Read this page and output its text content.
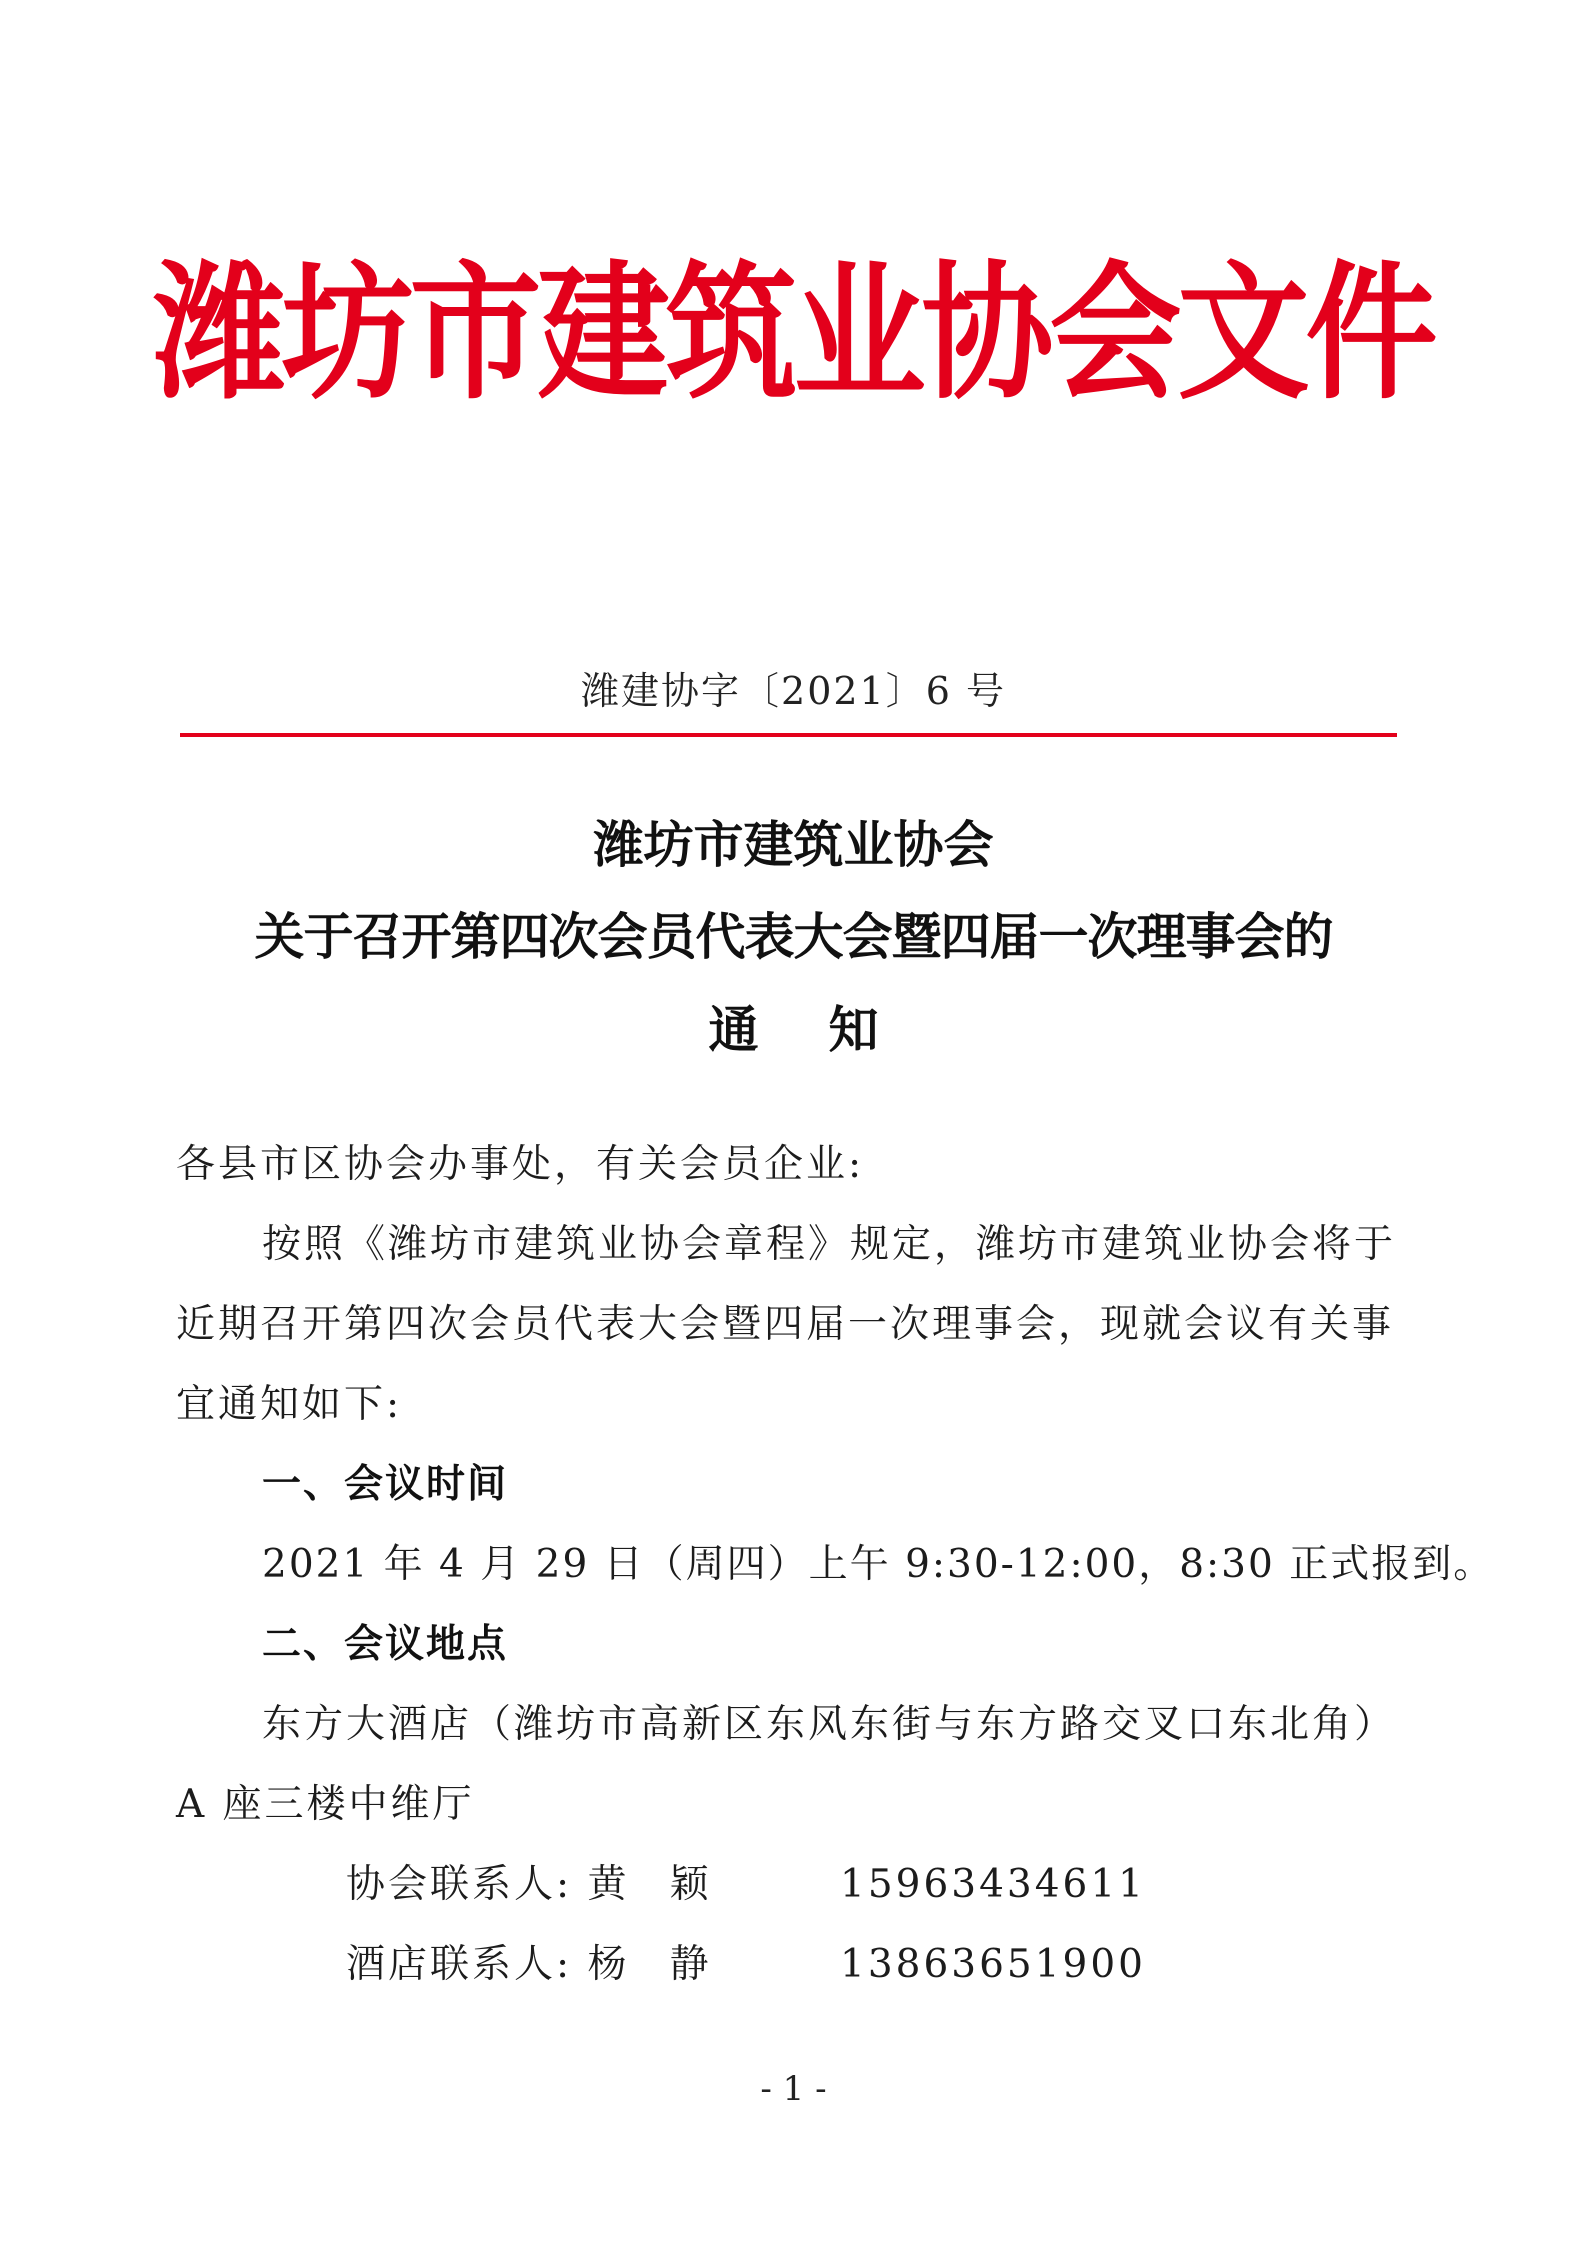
潍坊市建筑业协会文件
潍建协字〔2021〕6 号
潍坊市建筑业协会
关于召开第四次会员代表大会暨四届一次理事会的
通 知
各县市区协会办事处，有关会员企业:
按照《潍坊市建筑业协会章程》规定，潍坊市建筑业协会将于
近期召开第四次会员代表大会暨四届一次理事会，现就会议有关事
宜通知如下:
一、会议时间
2021 年 4 月 29 日（周四）上午 9:30-12:00，8:30 正式报到。
二、会议地点
东方大酒店（潍坊市高新区东风东街与东方路交叉口东北角）
A 座三楼中维厅
协会联系人: 黄 颖	15963434611
酒店联系人: 杨 静	13863651900
- 1 -
